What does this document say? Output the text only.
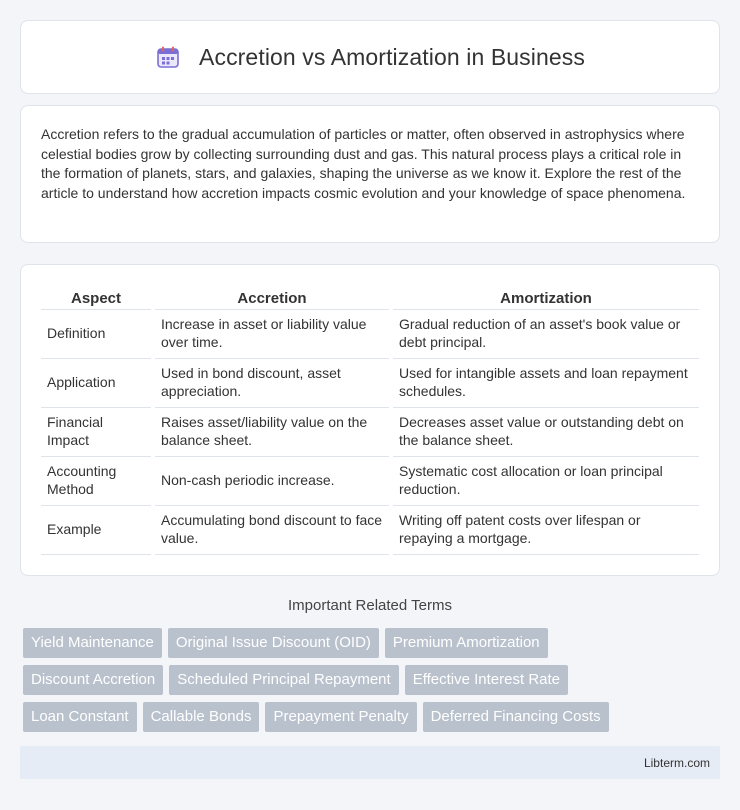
Accretion vs Amortization in Business

Accretion refers to the gradual accumulation of particles or matter, often observed in astrophysics where celestial bodies grow by collecting surrounding dust and gas. This natural process plays a critical role in the formation of planets, stars, and galaxies, shaping the universe as we know it. Explore the rest of the article to understand how accretion impacts cosmic evolution and your knowledge of space phenomena.

Aspect	Accretion	Amortization
Definition	Increase in asset or liability value over time.	Gradual reduction of an asset's book value or debt principal.
Application	Used in bond discount, asset appreciation.	Used for intangible assets and loan repayment schedules.
Financial Impact	Raises asset/liability value on the balance sheet.	Decreases asset value or outstanding debt on the balance sheet.
Accounting Method	Non-cash periodic increase.	Systematic cost allocation or loan principal reduction.
Example	Accumulating bond discount to face value.	Writing off patent costs over lifespan or repaying a mortgage.
Important Related Terms
Yield Maintenance	Original Issue Discount (OID)	Premium Amortization
Discount Accretion	Scheduled Principal Repayment	Effective Interest Rate
Loan Constant	Callable Bonds	Prepayment Penalty	Deferred Financing Costs
Libterm.com
